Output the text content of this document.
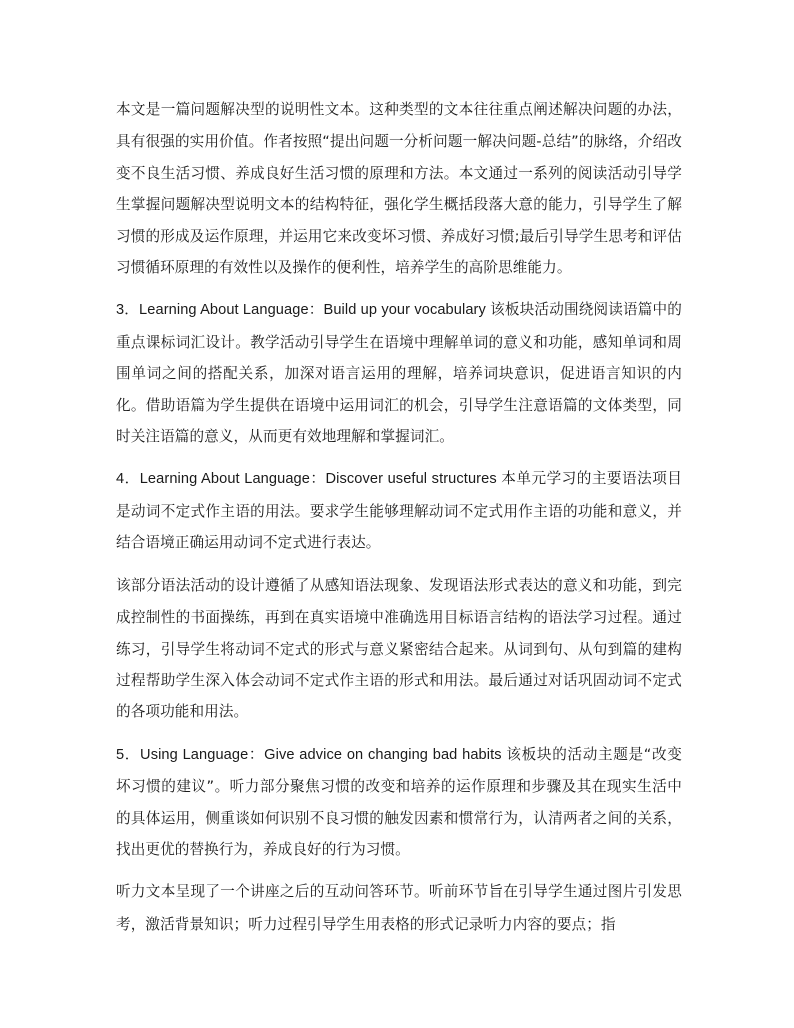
本文是一篇问题解决型的说明性文本。这种类型的文本往往重点阐述解决问题的办法，具有很强的实用价值。作者按照“提出问题一分析问题一解决问题-总结”的脉络，介绍改变不良生活习惯、养成良好生活习惯的原理和方法。本文通过一系列的阅读活动引导学生掌握问题解决型说明文本的结构特征，强化学生概括段落大意的能力，引导学生了解习惯的形成及运作原理，并运用它来改变坏习惯、养成好习惯;最后引导学生思考和评估习惯循环原理的有效性以及操作的便利性，培养学生的高阶思维能力。

3．Learning About Language：Build up your vocabulary 该板块活动围绕阅读语篇中的重点课标词汇设计。教学活动引导学生在语境中理解单词的意义和功能，感知单词和周围单词之间的搭配关系，加深对语言运用的理解，培养词块意识，促进语言知识的内化。借助语篇为学生提供在语境中运用词汇的机会，引导学生注意语篇的文体类型，同时关注语篇的意义，从而更有效地理解和掌握词汇。

4．Learning About Language：Discover useful structures 本单元学习的主要语法项目是动词不定式作主语的用法。要求学生能够理解动词不定式用作主语的功能和意义，并结合语境正确运用动词不定式进行表达。

该部分语法活动的设计遵循了从感知语法现象、发现语法形式表达的意义和功能，到完成控制性的书面操练，再到在真实语境中准确选用目标语言结构的语法学习过程。通过练习，引导学生将动词不定式的形式与意义紧密结合起来。从词到句、从句到篇的建构过程帮助学生深入体会动词不定式作主语的形式和用法。最后通过对话巩固动词不定式的各项功能和用法。

5．Using Language：Give advice on changing bad habits 该板块的活动主题是“改变坏习惯的建议”。听力部分聚焦习惯的改变和培养的运作原理和步骤及其在现实生活中的具体运用，侧重谈如何识别不良习惯的触发因素和惯常行为，认清两者之间的关系，找出更优的替换行为，养成良好的行为习惯。

听力文本呈现了一个讲座之后的互动问答环节。听前环节旨在引导学生通过图片引发思考，激活背景知识；听力过程引导学生用表格的形式记录听力内容的要点；指
